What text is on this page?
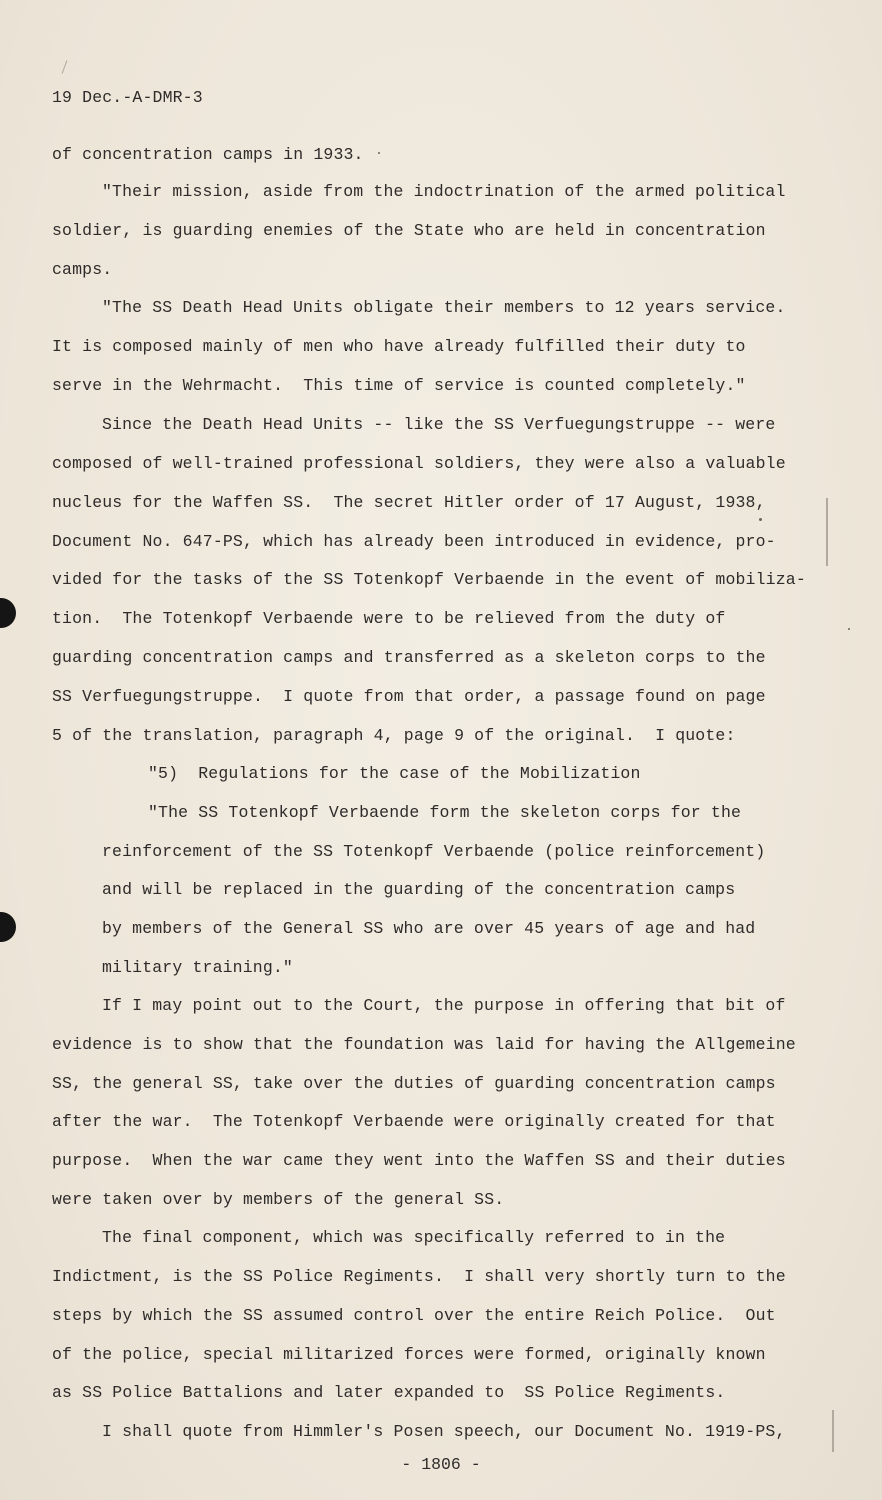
19 Dec.-A-DMR-3
of concentration camps in 1933.
"Their mission, aside from the indoctrination of the armed political
soldier, is guarding enemies of the State who are held in concentration
camps.
"The SS Death Head Units obligate their members to 12 years service.
It is composed mainly of men who have already fulfilled their duty to
serve in the Wehrmacht.  This time of service is counted completely."
Since the Death Head Units -- like the SS Verfuegungstruppe -- were
composed of well-trained professional soldiers, they were also a valuable
nucleus for the Waffen SS.  The secret Hitler order of 17 August, 1938,
Document No. 647-PS, which has already been introduced in evidence, pro-
vided for the tasks of the SS Totenkopf Verbaende in the event of mobiliza-
tion.  The Totenkopf Verbaende were to be relieved from the duty of
guarding concentration camps and transferred as a skeleton corps to the
SS Verfuegungstruppe.  I quote from that order, a passage found on page
5 of the translation, paragraph 4, page 9 of the original.  I quote:
"5)  Regulations for the case of the Mobilization
"The SS Totenkopf Verbaende form the skeleton corps for the
reinforcement of the SS Totenkopf Verbaende (police reinforcement)
and will be replaced in the guarding of the concentration camps
by members of the General SS who are over 45 years of age and had
military training."
If I may point out to the Court, the purpose in offering that bit of
evidence is to show that the foundation was laid for having the Allgemeine
SS, the general SS, take over the duties of guarding concentration camps
after the war.  The Totenkopf Verbaende were originally created for that
purpose.  When the war came they went into the Waffen SS and their duties
were taken over by members of the general SS.
The final component, which was specifically referred to in the
Indictment, is the SS Police Regiments.  I shall very shortly turn to the
steps by which the SS assumed control over the entire Reich Police.  Out
of the police, special militarized forces were formed, originally known
as SS Police Battalions and later expanded to  SS Police Regiments.
I shall quote from Himmler's Posen speech, our Document No. 1919-PS,
- 1806 -
